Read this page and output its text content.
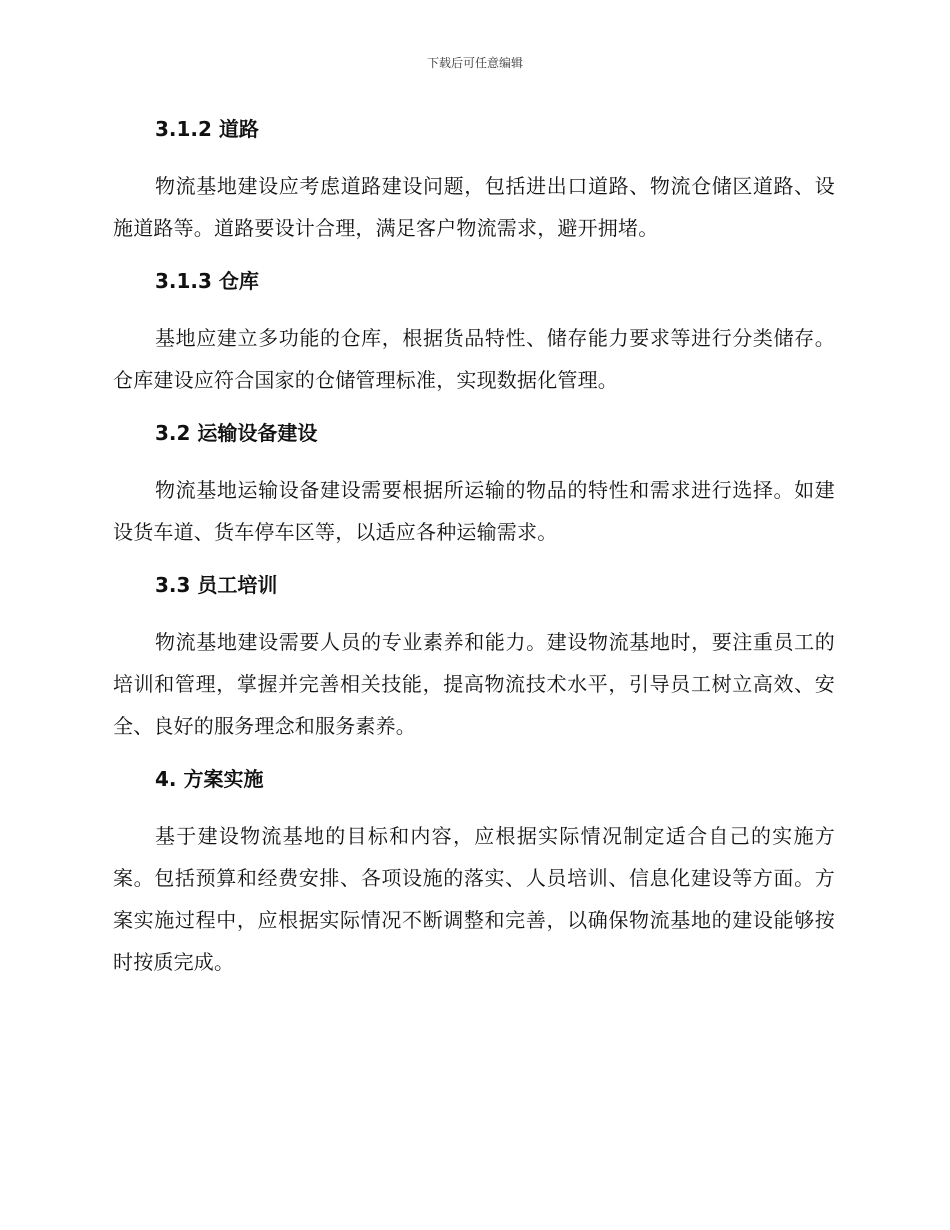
下载后可任意编辑
3.1.2 道路

物流基地建设应考虑道路建设问题，包括进出口道路、物流仓储区道路、设施道路等。道路要设计合理，满足客户物流需求，避开拥堵。

3.1.3 仓库

基地应建立多功能的仓库，根据货品特性、储存能力要求等进行分类储存。仓库建设应符合国家的仓储管理标准，实现数据化管理。

3.2 运输设备建设

物流基地运输设备建设需要根据所运输的物品的特性和需求进行选择。如建设货车道、货车停车区等，以适应各种运输需求。

3.3 员工培训

物流基地建设需要人员的专业素养和能力。建设物流基地时，要注重员工的培训和管理，掌握并完善相关技能，提高物流技术水平，引导员工树立高效、安全、良好的服务理念和服务素养。

4. 方案实施

基于建设物流基地的目标和内容，应根据实际情况制定适合自己的实施方案。包括预算和经费安排、各项设施的落实、人员培训、信息化建设等方面。方案实施过程中，应根据实际情况不断调整和完善，以确保物流基地的建设能够按时按质完成。
